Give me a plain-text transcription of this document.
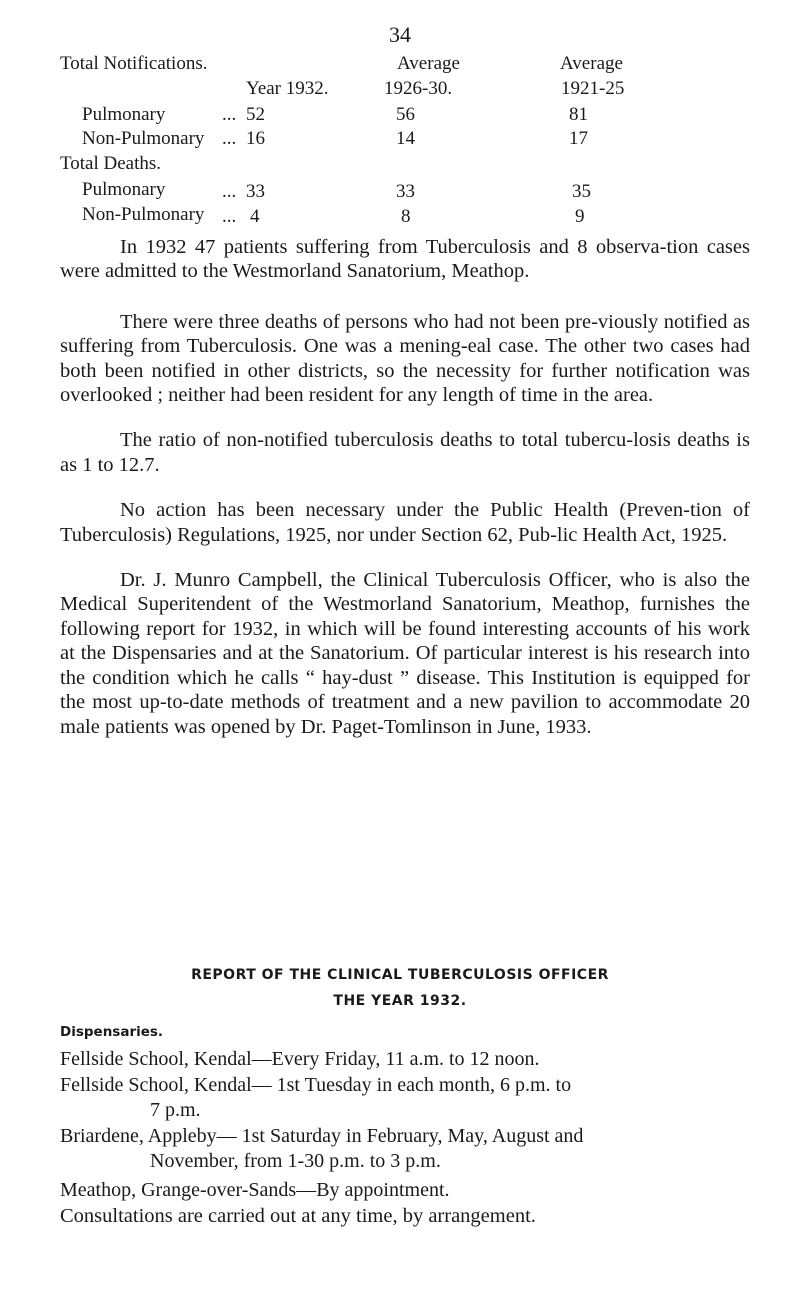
34
Total Notifications.	Average	Average
Year 1932.	1926-30.	1921-25
Pulmonary	... 52	56	81
Non-Pulmonary ... 16	14	17
Total Deaths.
Pulmonary	... 33	33	35
Non-Pulmonary ... 4	8	9

In 1932 47 patients suffering from Tuberculosis and 8 observa-tion cases were admitted to the Westmorland Sanatorium, Meathop.

There were three deaths of persons who had not been pre-viously notified as suffering from Tuberculosis. One was a mening-eal case. The other two cases had both been notified in other districts, so the necessity for further notification was overlooked ; neither had been resident for any length of time in the area.

The ratio of non-notified tuberculosis deaths to total tubercu-losis deaths is as 1 to 12.7.

No action has been necessary under the Public Health (Preven-tion of Tuberculosis) Regulations, 1925, nor under Section 62, Pub-lic Health Act, 1925.

Dr. J. Munro Campbell, the Clinical Tuberculosis Officer, who is also the Medical Superitendent of the Westmorland Sanatorium, Meathop, furnishes the following report for 1932, in which will be found interesting accounts of his work at the Dispensaries and at the Sanatorium. Of particular interest is his research into the condition which he calls “ hay-dust ” disease. This Institution is equipped for the most up-to-date methods of treatment and a new pavilion to accommodate 20 male patients was opened by Dr. Paget-Tomlinson in June, 1933.

REPORT OF THE CLINICAL TUBERCULOSIS OFFICER
THE YEAR 1932.
Dispensaries.
Fellside School, Kendal—Every Friday, 11 a.m. to 12 noon.
Fellside School, Kendal— 1st Tuesday in each month, 6 p.m. to
7 p.m.
Briardene, Appleby— 1st Saturday in February, May, August and
November, from 1-30 p.m. to 3 p.m.
Meathop, Grange-over-Sands—By appointment.
Consultations are carried out at any time, by arrangement.
